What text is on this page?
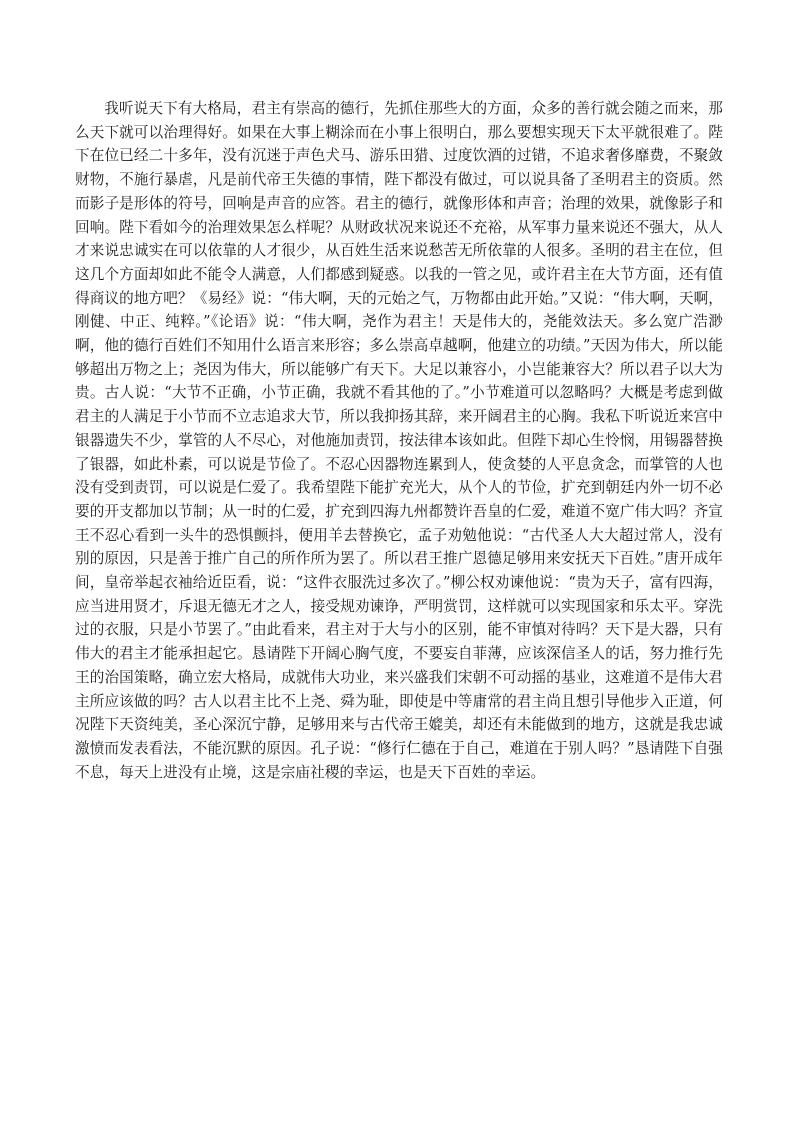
我听说天下有大格局，君主有崇高的德行，先抓住那些大的方面，众多的善行就会随之而来，那么天下就可以治理得好。如果在大事上糊涂而在小事上很明白，那么要想实现天下太平就很难了。陛下在位已经二十多年，没有沉迷于声色犬马、游乐田猎、过度饮酒的过错，不追求奢侈靡费，不聚敛财物，不施行暴虐，凡是前代帝王失德的事情，陛下都没有做过，可以说具备了圣明君主的资质。然而影子是形体的符号，回响是声音的应答。君主的德行，就像形体和声音；治理的效果，就像影子和回响。陛下看如今的治理效果怎么样呢？从财政状况来说还不充裕，从军事力量来说还不强大，从人才来说忠诚实在可以依靠的人才很少，从百姓生活来说愁苦无所依靠的人很多。圣明的君主在位，但这几个方面却如此不能令人满意，人们都感到疑惑。以我的一管之见，或许君主在大节方面，还有值得商议的地方吧？《易经》说：“伟大啊，天的元始之气，万物都由此开始。”又说：“伟大啊，天啊，刚健、中正、纯粹。”《论语》说：“伟大啊，尧作为君主！天是伟大的，尧能效法天。多么宽广浩渺啊，他的德行百姓们不知用什么语言来形容；多么崇高卓越啊，他建立的功绩。”天因为伟大，所以能够超出万物之上；尧因为伟大，所以能够广有天下。大足以兼容小，小岂能兼容大？所以君子以大为贵。古人说：“大节不正确，小节正确，我就不看其他的了。”小节难道可以忽略吗？大概是考虑到做君主的人满足于小节而不立志追求大节，所以我抑扬其辞，来开阔君主的心胸。我私下听说近来宫中银器遗失不少，掌管的人不尽心，对他施加责罚，按法律本该如此。但陛下却心生怜悯，用锡器替换了银器，如此朴素，可以说是节俭了。不忍心因器物连累到人，使贪婪的人平息贪念，而掌管的人也没有受到责罚，可以说是仁爱了。我希望陛下能扩充光大，从个人的节俭，扩充到朝廷内外一切不必要的开支都加以节制；从一时的仁爱，扩充到四海九州都赞许吾皇的仁爱，难道不宽广伟大吗？齐宣王不忍心看到一头牛的恐惧颤抖，便用羊去替换它，孟子劝勉他说：“古代圣人大大超过常人，没有别的原因，只是善于推广自己的所作所为罢了。所以君王推广恩德足够用来安抚天下百姓。”唐开成年间，皇帝举起衣袖给近臣看，说：“这件衣服洗过多次了。”柳公权劝谏他说：“贵为天子，富有四海，应当进用贤才，斥退无德无才之人，接受规劝谏诤，严明赏罚，这样就可以实现国家和乐太平。穿洗过的衣服，只是小节罢了。”由此看来，君主对于大与小的区别，能不审慎对待吗？天下是大器，只有伟大的君主才能承担起它。恳请陛下开阔心胸气度，不要妄自菲薄，应该深信圣人的话，努力推行先王的治国策略，确立宏大格局，成就伟大功业，来兴盛我们宋朝不可动摇的基业，这难道不是伟大君主所应该做的吗？古人以君主比不上尧、舜为耻，即使是中等庸常的君主尚且想引导他步入正道，何况陛下天资纯美，圣心深沉宁静，足够用来与古代帝王媲美，却还有未能做到的地方，这就是我忠诚激愤而发表看法，不能沉默的原因。孔子说：“修行仁德在于自己，难道在于别人吗？”恳请陛下自强不息，每天上进没有止境，这是宗庙社稷的幸运，也是天下百姓的幸运。
